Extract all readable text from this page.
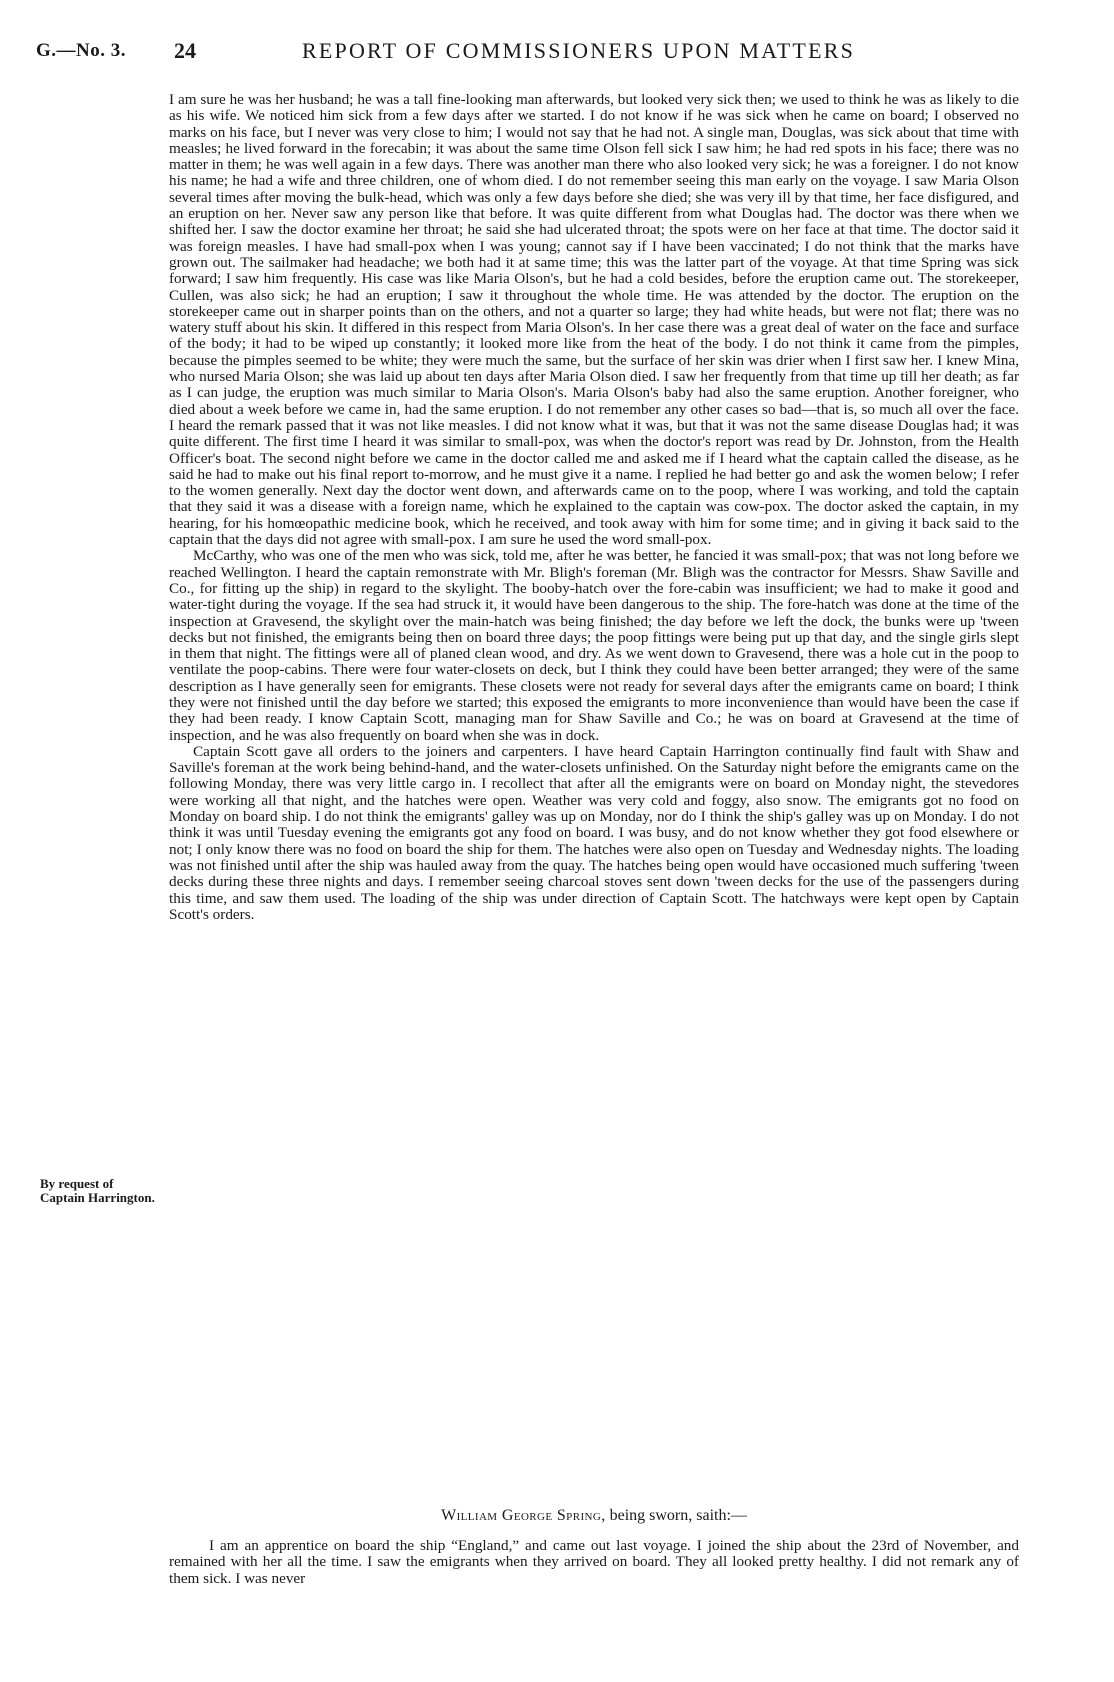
G.—No. 3. 24	REPORT OF COMMISSIONERS UPON MATTERS

I am sure he was her husband; he was a tall fine-looking man afterwards, but looked very sick then; we used to think he was as likely to die as his wife. We noticed him sick from a few days after we started. I do not know if he was sick when he came on board; I observed no marks on his face, but I never was very close to him; I would not say that he had not. A single man, Douglas, was sick about that time with measles; he lived forward in the forecabin; it was about the same time Olson fell sick I saw him; he had red spots in his face; there was no matter in them; he was well again in a few days. There was another man there who also looked very sick; he was a foreigner. I do not know his name; he had a wife and three children, one of whom died. I do not remember seeing this man early on the voyage. I saw Maria Olson several times after moving the bulk-head, which was only a few days before she died; she was very ill by that time, her face disfigured, and an eruption on her. Never saw any person like that before. It was quite different from what Douglas had. The doctor was there when we shifted her. I saw the doctor examine her throat; he said she had ulcerated throat; the spots were on her face at that time. The doctor said it was foreign measles. I have had small-pox when I was young; cannot say if I have been vaccinated; I do not think that the marks have grown out. The sailmaker had headache; we both had it at same time; this was the latter part of the voyage. At that time Spring was sick forward; I saw him frequently. His case was like Maria Olson's, but he had a cold besides, before the eruption came out. The storekeeper, Cullen, was also sick; he had an eruption; I saw it throughout the whole time. He was attended by the doctor. The eruption on the storekeeper came out in sharper points than on the others, and not a quarter so large; they had white heads, but were not flat; there was no watery stuff about his skin. It differed in this respect from Maria Olson's. In her case there was a great deal of water on the face and surface of the body; it had to be wiped up constantly; it looked more like from the heat of the body. I do not think it came from the pimples, because the pimples seemed to be white; they were much the same, but the surface of her skin was drier when I first saw her. I knew Mina, who nursed Maria Olson; she was laid up about ten days after Maria Olson died. I saw her frequently from that time up till her death; as far as I can judge, the eruption was much similar to Maria Olson's. Maria Olson's baby had also the same eruption. Another foreigner, who died about a week before we came in, had the same eruption. I do not remember any other cases so bad—that is, so much all over the face. I heard the remark passed that it was not like measles. I did not know what it was, but that it was not the same disease Douglas had; it was quite different. The first time I heard it was similar to small-pox, was when the doctor's report was read by Dr. Johnston, from the Health Officer's boat. The second night before we came in the doctor called me and asked me if I heard what the captain called the disease, as he said he had to make out his final report to-morrow, and he must give it a name. I replied he had better go and ask the women below; I refer to the women generally. Next day the doctor went down, and afterwards came on to the poop, where I was working, and told the captain that they said it was a disease with a foreign name, which he explained to the captain was cow-pox. The doctor asked the captain, in my hearing, for his homœopathic medicine book, which he received, and took away with him for some time; and in giving it back said to the captain that the days did not agree with small-pox. I am sure he used the word small-pox.

McCarthy, who was one of the men who was sick, told me, after he was better, he fancied it was small-pox; that was not long before we reached Wellington. I heard the captain remonstrate with Mr. Bligh's foreman (Mr. Bligh was the contractor for Messrs. Shaw Saville and Co., for fitting up the ship) in regard to the skylight. The booby-hatch over the fore-cabin was insufficient; we had to make it good and water-tight during the voyage. If the sea had struck it, it would have been dangerous to the ship. The fore-hatch was done at the time of the inspection at Gravesend, the skylight over the main-hatch was being finished; the day before we left the dock, the bunks were up 'tween decks but not finished, the emigrants being then on board three days; the poop fittings were being put up that day, and the single girls slept in them that night. The fittings were all of planed clean wood, and dry. As we went down to Gravesend, there was a hole cut in the poop to ventilate the poop-cabins. There were four water-closets on deck, but I think they could have been better arranged; they were of the same description as I have generally seen for emigrants. These closets were not ready for several days after the emigrants came on board; I think they were not finished until the day before we started; this exposed the emigrants to more inconvenience than would have been the case if they had been ready. I know Captain Scott, managing man for Shaw Saville and Co.; he was on board at Gravesend at the time of inspection, and he was also frequently on board when she was in dock.

Captain Scott gave all orders to the joiners and carpenters. I have heard Captain Harrington continually find fault with Shaw and Saville's foreman at the work being behind-hand, and the water-closets unfinished. On the Saturday night before the emigrants came on the following Monday, there was very little cargo in. I recollect that after all the emigrants were on board on Monday night, the stevedores were working all that night, and the hatches were open. Weather was very cold and foggy, also snow. The emigrants got no food on Monday on board ship. I do not think the emigrants' galley was up on Monday, nor do I think the ship's galley was up on Monday. I do not think it was until Tuesday evening the emigrants got any food on board. I was busy, and do not know whether they got food elsewhere or not; I only know there was no food on board the ship for them. The hatches were also open on Tuesday and Wednesday nights. The loading was not finished until after the ship was hauled away from the quay. The hatches being open would have occasioned much suffering 'tween decks during these three nights and days. I remember seeing charcoal stoves sent down 'tween decks for the use of the passengers during this time, and saw them used. The loading of the ship was under direction of Captain Scott. The hatchways were kept open by Captain Scott's orders.

By request of Captain Harrington.
William George Spring, being sworn, saith:—

I am an apprentice on board the ship “England,” and came out last voyage. I joined the ship about the 23rd of November, and remained with her all the time. I saw the emigrants when they arrived on board. They all looked pretty healthy. I did not remark any of them sick. I was never
